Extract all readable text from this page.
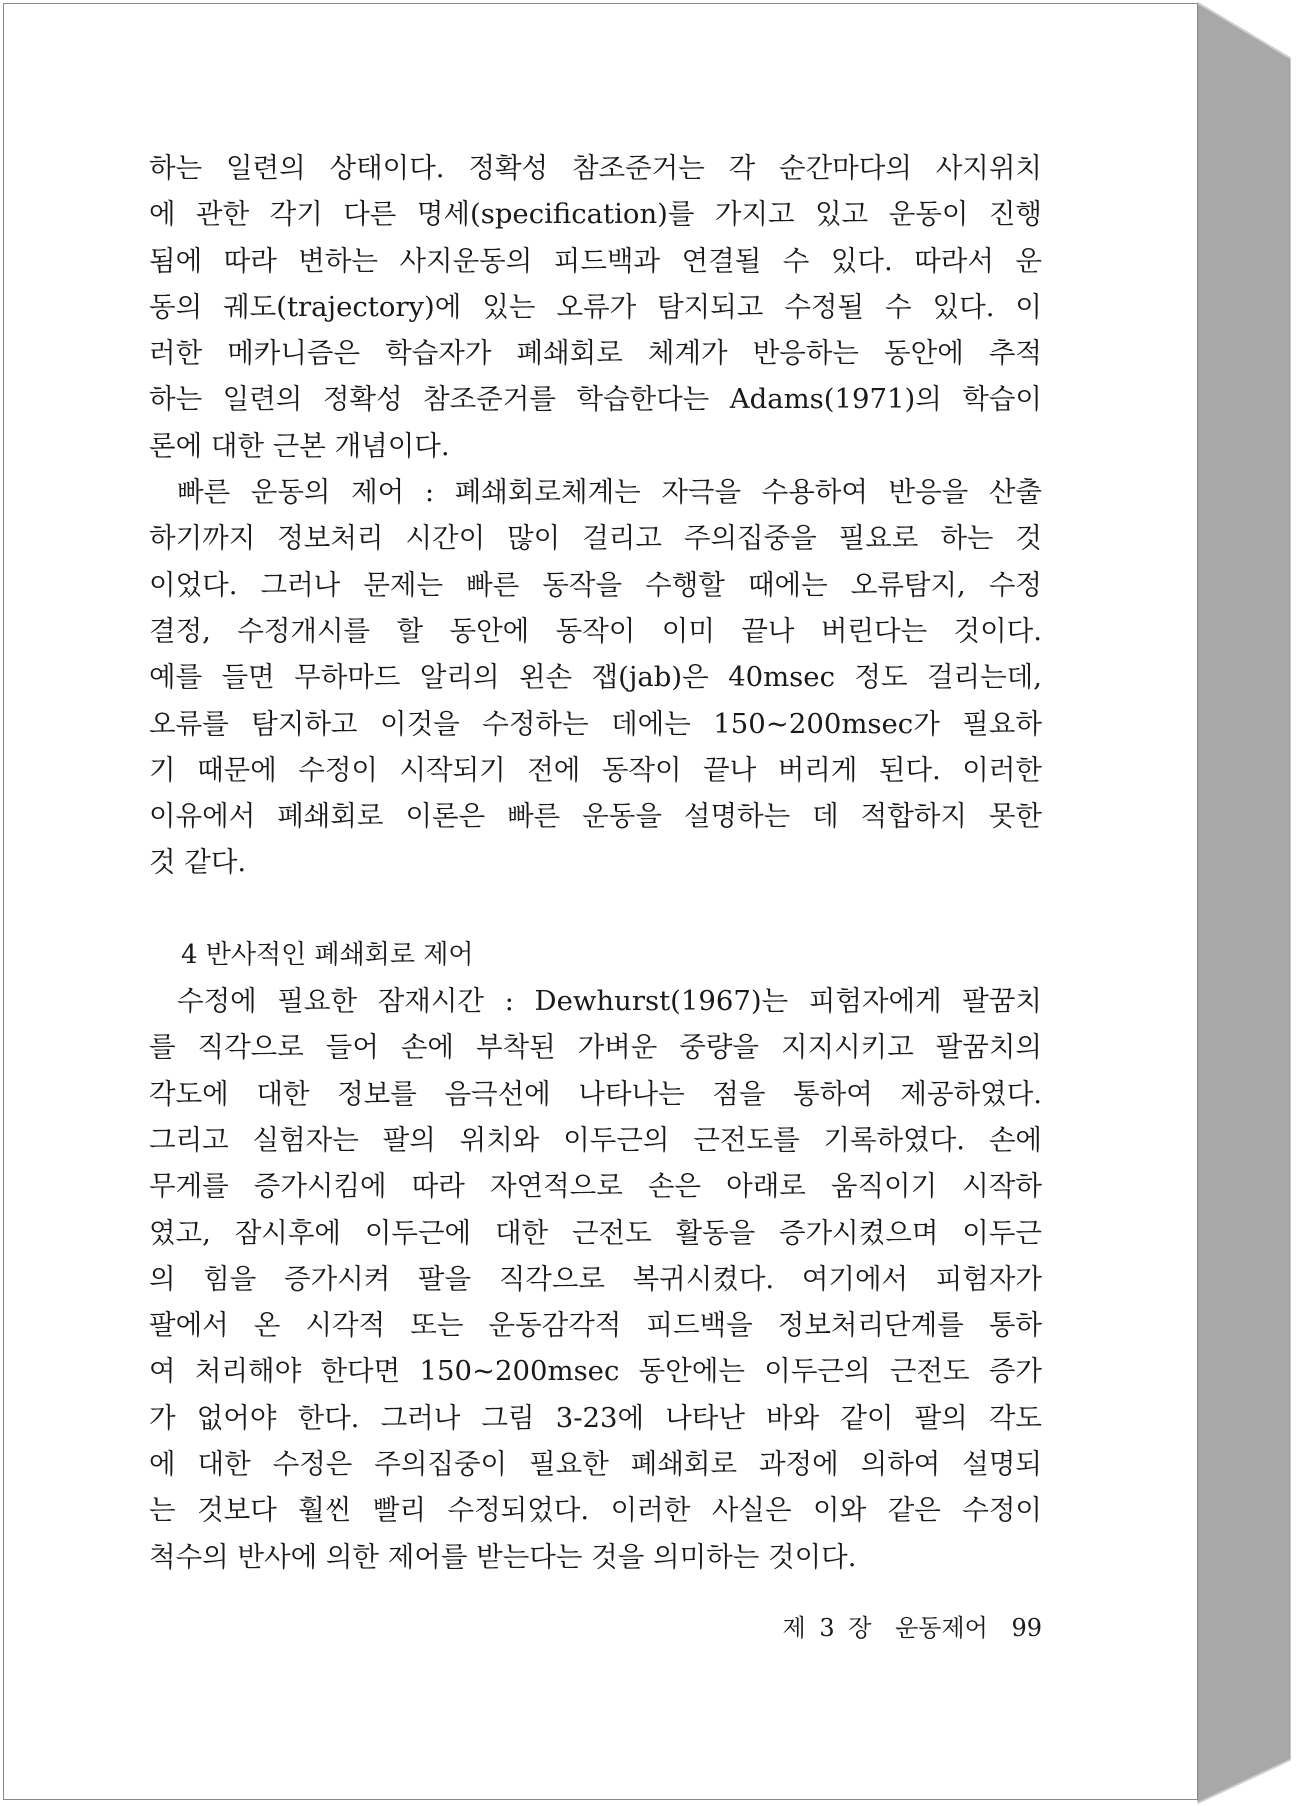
하는 일련의 상태이다. 정확성 참조준거는 각 순간마다의 사지위치
에 관한 각기 다른 명세(specification)를 가지고 있고 운동이 진행
됨에 따라 변하는 사지운동의 피드백과 연결될 수 있다. 따라서 운
동의 궤도(trajectory)에 있는 오류가 탐지되고 수정될 수 있다. 이
러한 메카니즘은 학습자가 폐쇄회로 체계가 반응하는 동안에 추적
하는 일련의 정확성 참조준거를 학습한다는 Adams(1971)의 학습이
론에 대한 근본 개념이다.
빠른 운동의 제어 : 폐쇄회로체계는 자극을 수용하여 반응을 산출
하기까지 정보처리 시간이 많이 걸리고 주의집중을 필요로 하는 것
이었다. 그러나 문제는 빠른 동작을 수행할 때에는 오류탐지, 수정
결정, 수정개시를 할 동안에 동작이 이미 끝나 버린다는 것이다.
예를 들면 무하마드 알리의 왼손 잽(jab)은 40msec 정도 걸리는데,
오류를 탐지하고 이것을 수정하는 데에는 150~200msec가 필요하
기 때문에 수정이 시작되기 전에 동작이 끝나 버리게 된다. 이러한
이유에서 폐쇄회로 이론은 빠른 운동을 설명하는 데 적합하지 못한
것 같다.
4 반사적인 폐쇄회로 제어
수정에 필요한 잠재시간 : Dewhurst(1967)는 피험자에게 팔꿈치
를 직각으로 들어 손에 부착된 가벼운 중량을 지지시키고 팔꿈치의
각도에 대한 정보를 음극선에 나타나는 점을 통하여 제공하였다.
그리고 실험자는 팔의 위치와 이두근의 근전도를 기록하였다. 손에
무게를 증가시킴에 따라 자연적으로 손은 아래로 움직이기 시작하
였고, 잠시후에 이두근에 대한 근전도 활동을 증가시켰으며 이두근
의 힘을 증가시켜 팔을 직각으로 복귀시켰다. 여기에서 피험자가
팔에서 온 시각적 또는 운동감각적 피드백을 정보처리단계를 통하
여 처리해야 한다면 150~200msec 동안에는 이두근의 근전도 증가
가 없어야 한다. 그러나 그림 3-23에 나타난 바와 같이 팔의 각도
에 대한 수정은 주의집중이 필요한 폐쇄회로 과정에 의하여 설명되
는 것보다 훨씬 빨리 수정되었다. 이러한 사실은 이와 같은 수정이
척수의 반사에 의한 제어를 받는다는 것을 의미하는 것이다.
제 3 장 운동제어 99
